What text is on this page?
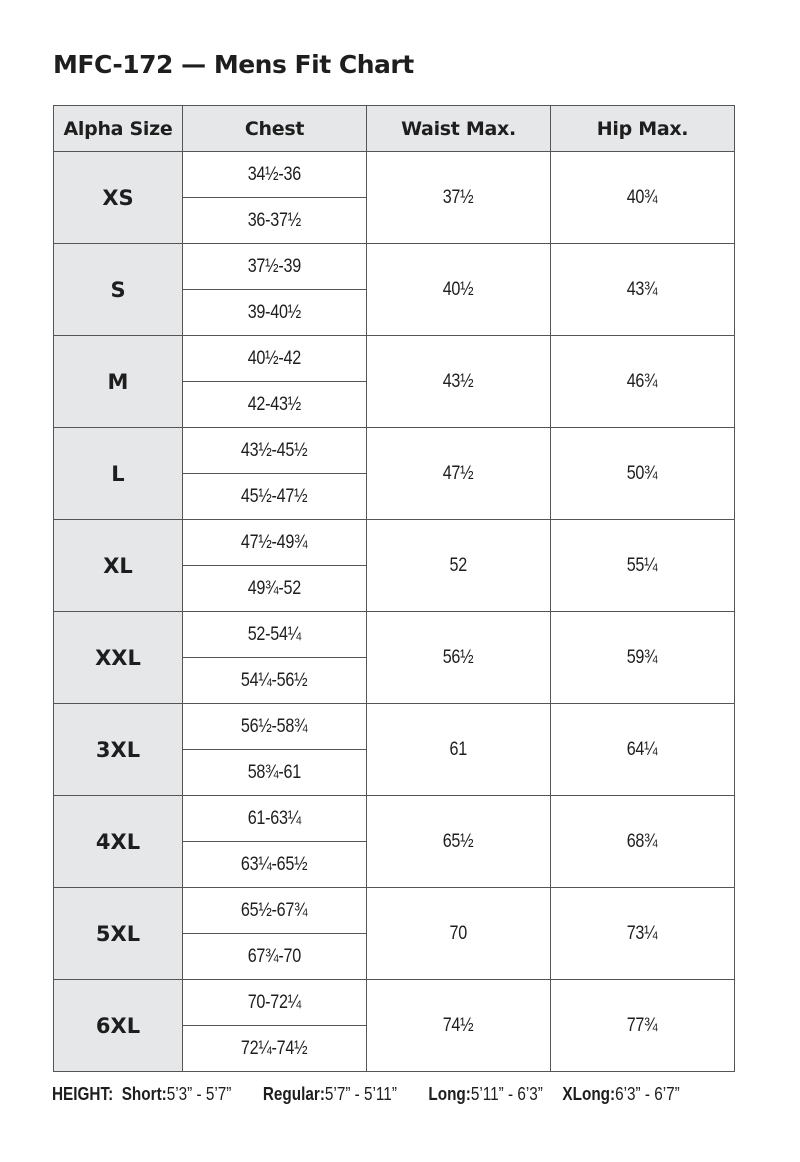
MFC-172 — Mens Fit Chart
Alpha Size	Chest	Waist Max.	Hip Max.
XS	34½-36	37½	40¾
	36-37½		
S	37½-39	40½	43¾
	39-40½		
M	40½-42	43½	46¾
	42-43½		
L	43½-45½	47½	50¾
	45½-47½		
XL	47½-49¾	52	55¼
	49¾-52		
XXL	52-54¼	56½	59¾
	54¼-56½		
3XL	56½-58¾	61	64¼
	58¾-61		
4XL	61-63¼	65½	68¾
	63¼-65½		
5XL	65½-67¾	70	73¼
	67¾-70		
6XL	70-72¼	74½	77¾
	72¼-74½		
HEIGHT: Short:5’3” - 5’7” Regular:5’7” - 5’11” Long:5’11” - 6’3” XLong:6’3” - 6’7”
